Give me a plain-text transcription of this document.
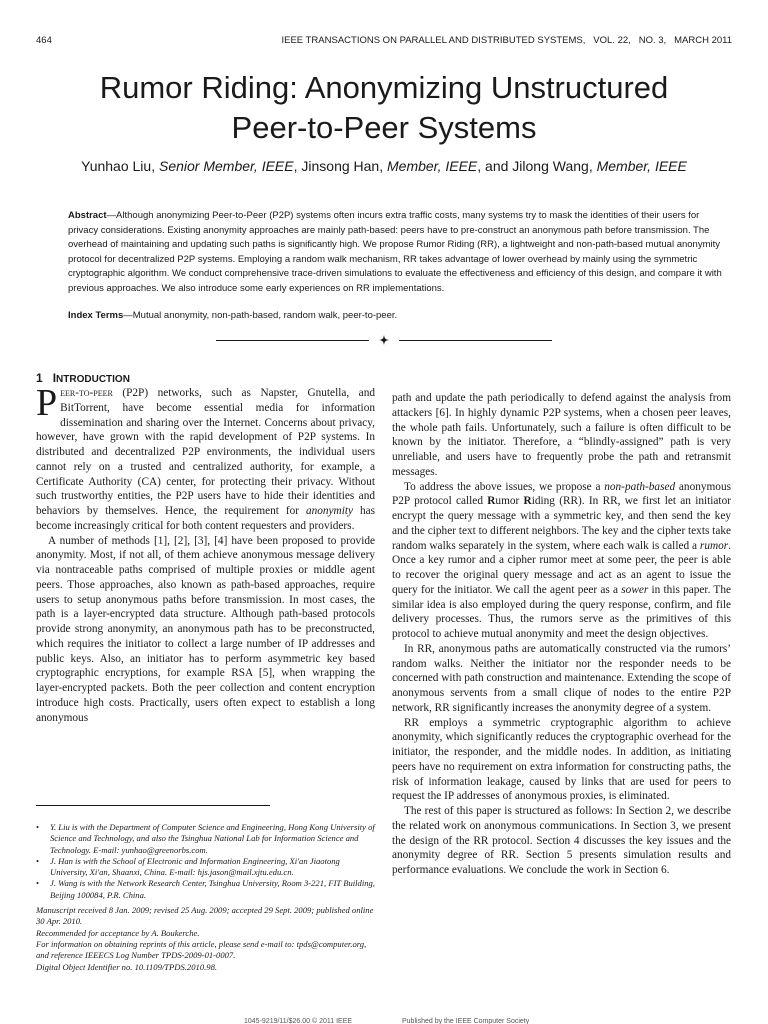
464	IEEE TRANSACTIONS ON PARALLEL AND DISTRIBUTED SYSTEMS,   VOL. 22,   NO. 3,   MARCH 2011
Rumor Riding: Anonymizing Unstructured
Peer-to-Peer Systems
Yunhao Liu, Senior Member, IEEE, Jinsong Han, Member, IEEE, and Jilong Wang, Member, IEEE

Abstract—Although anonymizing Peer-to-Peer (P2P) systems often incurs extra traffic costs, many systems try to mask the identities of their users for privacy considerations. Existing anonymity approaches are mainly path-based: peers have to pre-construct an anonymous path before transmission. The overhead of maintaining and updating such paths is significantly high. We propose Rumor Riding (RR), a lightweight and non-path-based mutual anonymity protocol for decentralized P2P systems. Employing a random walk mechanism, RR takes advantage of lower overhead by mainly using the symmetric cryptographic algorithm. We conduct comprehensive trace-driven simulations to evaluate the effectiveness and efficiency of this design, and compare it with previous approaches. We also introduce some early experiences on RR implementations.

Index Terms—Mutual anonymity, non-path-based, random walk, peer-to-peer.

1 INTRODUCTION

Peer-to-peer (P2P) networks, such as Napster, Gnutella, and BitTorrent, have become essential media for information dissemination and sharing over the Internet. Concerns about privacy, however, have grown with the rapid development of P2P systems. In distributed and decentralized P2P environments, the individual users cannot rely on a trusted and centralized authority, for example, a Certificate Authority (CA) center, for protecting their privacy. Without such trustworthy entities, the P2P users have to hide their identities and behaviors by themselves. Hence, the requirement for anonymity has become increasingly critical for both content requesters and providers.

A number of methods [1], [2], [3], [4] have been proposed to provide anonymity. Most, if not all, of them achieve anonymous message delivery via nontraceable paths comprised of multiple proxies or middle agent peers. Those approaches, also known as path-based approaches, require users to setup anonymous paths before transmission. In most cases, the path is a layer-encrypted data structure. Although path-based protocols provide strong anonymity, an anonymous path has to be preconstructed, which requires the initiator to collect a large number of IP addresses and public keys. Also, an initiator has to perform asymmetric key based cryptographic encryptions, for example RSA [5], when wrapping the layer-encrypted packets. Both the peer collection and content encryption introduce high costs. Practically, users often expect to establish a long anonymous

• Y. Liu is with the Department of Computer Science and Engineering, Hong Kong University of Science and Technology, and also the Tsinghua National Lab for Information Science and Technology. E-mail: yunhao@greenorbs.com.
• J. Han is with the School of Electronic and Information Engineering, Xi'an Jiaotong University, Xi'an, Shaanxi, China. E-mail: hjs.jason@mail.xjtu.edu.cn.
• J. Wang is with the Network Research Center, Tsinghua University, Room 3-221, FIT Building, Beijing 100084, P.R. China.
Manuscript received 8 Jan. 2009; revised 25 Aug. 2009; accepted 29 Sept. 2009; published online 30 Apr. 2010.
Recommended for acceptance by A. Boukerche.
For information on obtaining reprints of this article, please send e-mail to: tpds@computer.org, and reference IEEECS Log Number TPDS-2009-01-0007.
Digital Object Identifier no. 10.1109/TPDS.2010.98.

path and update the path periodically to defend against the analysis from attackers [6]. In highly dynamic P2P systems, when a chosen peer leaves, the whole path fails. Unfortunately, such a failure is often difficult to be known by the initiator. Therefore, a “blindly-assigned” path is very unreliable, and users have to frequently probe the path and retransmit messages.

To address the above issues, we propose a non-path-based anonymous P2P protocol called Rumor Riding (RR). In RR, we first let an initiator encrypt the query message with a symmetric key, and then send the key and the cipher text to different neighbors. The key and the cipher texts take random walks separately in the system, where each walk is called a rumor. Once a key rumor and a cipher rumor meet at some peer, the peer is able to recover the original query message and act as an agent to issue the query for the initiator. We call the agent peer as a sower in this paper. The similar idea is also employed during the query response, confirm, and file delivery processes. Thus, the rumors serve as the primitives of this protocol to achieve mutual anonymity and meet the design objectives.

In RR, anonymous paths are automatically constructed via the rumors’ random walks. Neither the initiator nor the responder needs to be concerned with path construction and maintenance. Extending the scope of anonymous servents from a small clique of nodes to the entire P2P network, RR significantly increases the anonymity degree of a system.

RR employs a symmetric cryptographic algorithm to achieve anonymity, which significantly reduces the cryptographic overhead for the initiator, the responder, and the middle nodes. In addition, as initiating peers have no requirement on extra information for constructing paths, the risk of information leakage, caused by links that are used for peers to request the IP addresses of anonymous proxies, is eliminated.

The rest of this paper is structured as follows: In Section 2, we describe the related work on anonymous communications. In Section 3, we present the design of the RR protocol. Section 4 discusses the key issues and the anonymity degree of RR. Section 5 presents simulation results and performance evaluations. We conclude the work in Section 6.

1045-9219/11/$26.00 © 2011 IEEE	Published by the IEEE Computer Society
